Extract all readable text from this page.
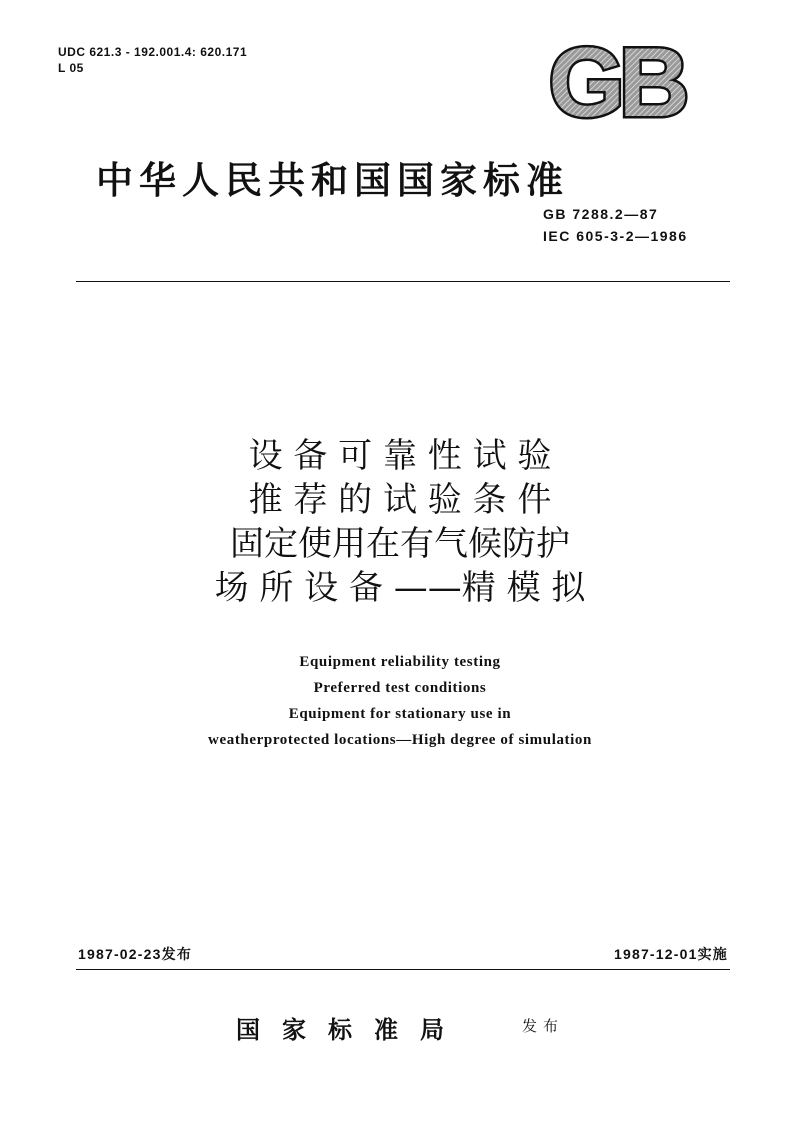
UDC 621.3 - 192.001.4: 620.171
L 05	GB
中华人民共和国国家标准
GB 7288.2—87
IEC 605-3-2—1986
设 备 可 靠 性 试 验
推 荐 的 试 验 条 件
固定使用在有气候防护
场 所 设 备 ——精 模 拟
Equipment reliability testing
Preferred test conditions
Equipment for stationary use in
weatherprotected locations—High degree of simulation
1987-02-23发布	1987-12-01实施
国家标准局	发布
